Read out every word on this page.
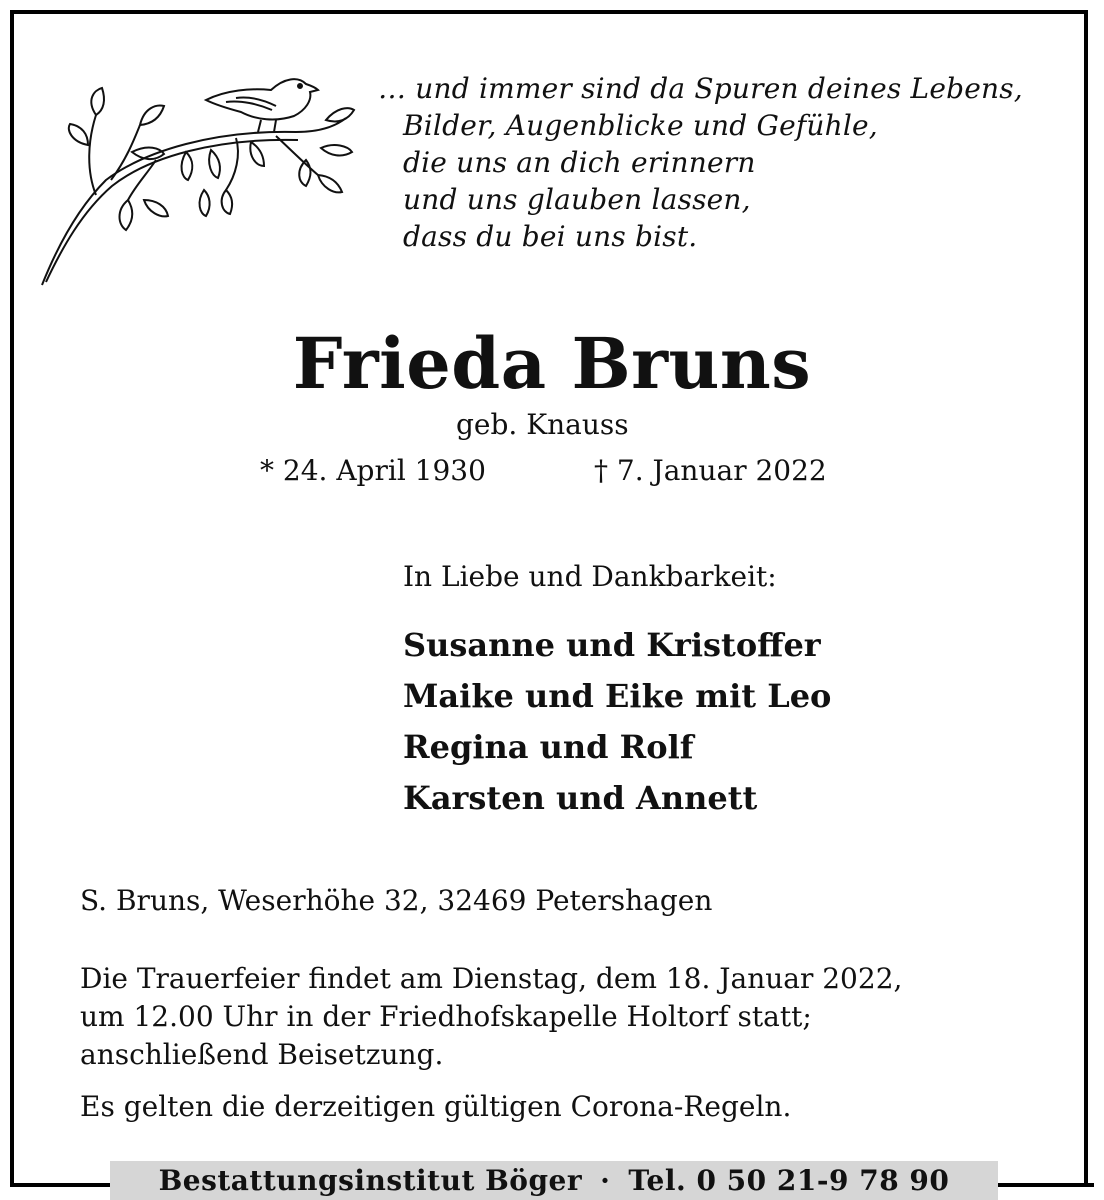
… und immer sind da Spuren deines Lebens,
Bilder, Augenblicke und Gefühle,
die uns an dich erinnern
und uns glauben lassen,
dass du bei uns bist.
Frieda Bruns
geb. Knauss
* 24. April 1930	† 7. Januar 2022
In Liebe und Dankbarkeit:
Susanne und Kristoffer
Maike und Eike mit Leo
Regina und Rolf
Karsten und Annett
S. Bruns, Weserhöhe 32, 32469 Petershagen
Die Trauerfeier findet am Dienstag, dem 18. Januar 2022,
um 12.00 Uhr in der Friedhofskapelle Holtorf statt;
anschließend Beisetzung.
Es gelten die derzeitigen gültigen Corona-Regeln.
Bestattungsinstitut Böger · Tel. 0 50 21-9 78 90
